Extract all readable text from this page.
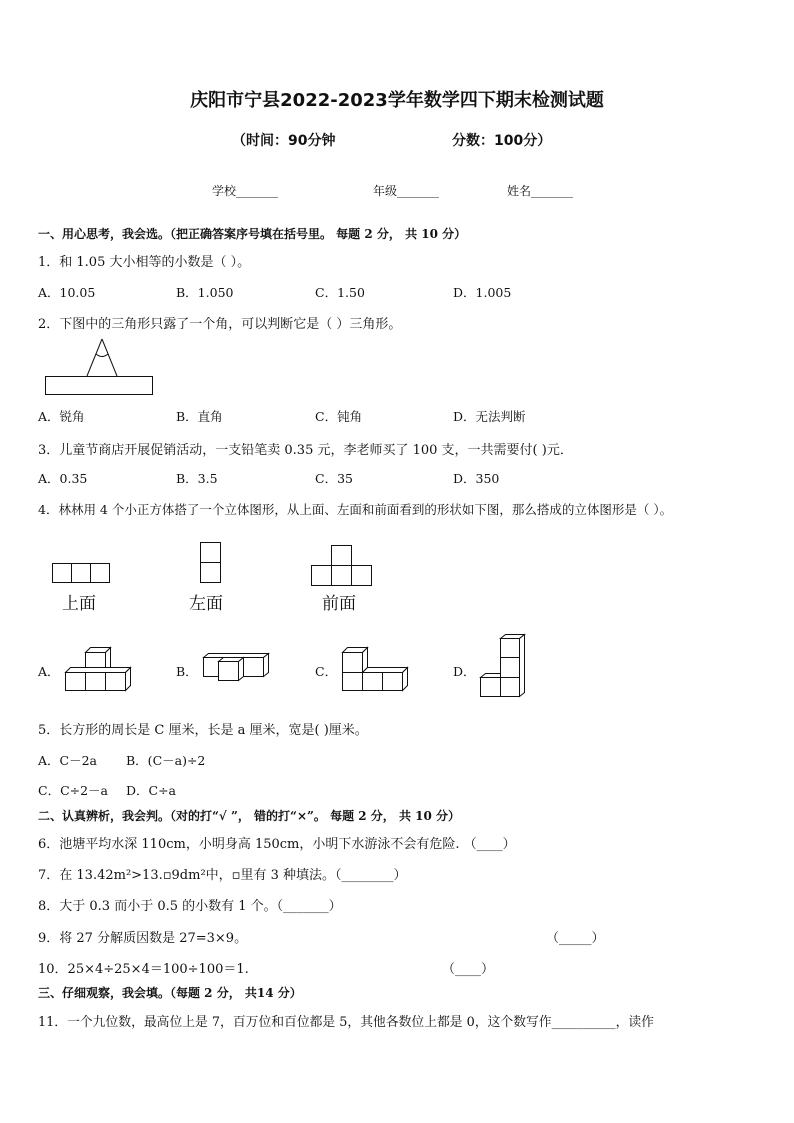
庆阳市宁县2022-2023学年数学四下期末检测试题
（时间：90分钟	分数：100分）
学校_______	年级_______	姓名_______
一、用心思考，我会选。（把正确答案序号填在括号里。 每题 2 分， 共 10 分）
1．和 1.05 大小相等的小数是（ ）。
A．10.05	B．1.050	C．1.50	D．1.005
2．下图中的三角形只露了一个角，可以判断它是（ ）三角形。
A．锐角	B．直角	C．钝角	D．无法判断
3．儿童节商店开展促销活动，一支铅笔卖 0.35 元，李老师买了 100 支，一共需要付( )元．
A．0.35	B．3.5	C．35	D．350
4．林林用 4 个小正方体搭了一个立体图形，从上面、左面和前面看到的形状如下图，那么搭成的立体图形是（ ）。
上面	左面	前面
A．	B．	C．	D．
5．长方形的周长是 C 厘米，长是 a 厘米，宽是( )厘米。
A．C－2a B．(C－a)÷2
C．C÷2－a D．C÷a
二、认真辨析，我会判。（对的打“√ ”， 错的打“×”。 每题 2 分， 共 10 分）
6．池塘平均水深 110cm，小明身高 150cm，小明下水游泳不会有危险. （____）
7．在 13.42m²>13.▫9dm²中，▫里有 3 种填法。（________）
8．大于 0.3 而小于 0.5 的小数有 1 个。（_______）
9．将 27 分解质因数是 27=3×9。	（_____）
10．25×4÷25×4＝100÷100＝1.	（____）
三、仔细观察，我会填。（每题 2 分， 共14 分）
11．一个九位数，最高位上是 7，百万位和百位都是 5，其他各数位上都是 0，这个数写作__________，读作
